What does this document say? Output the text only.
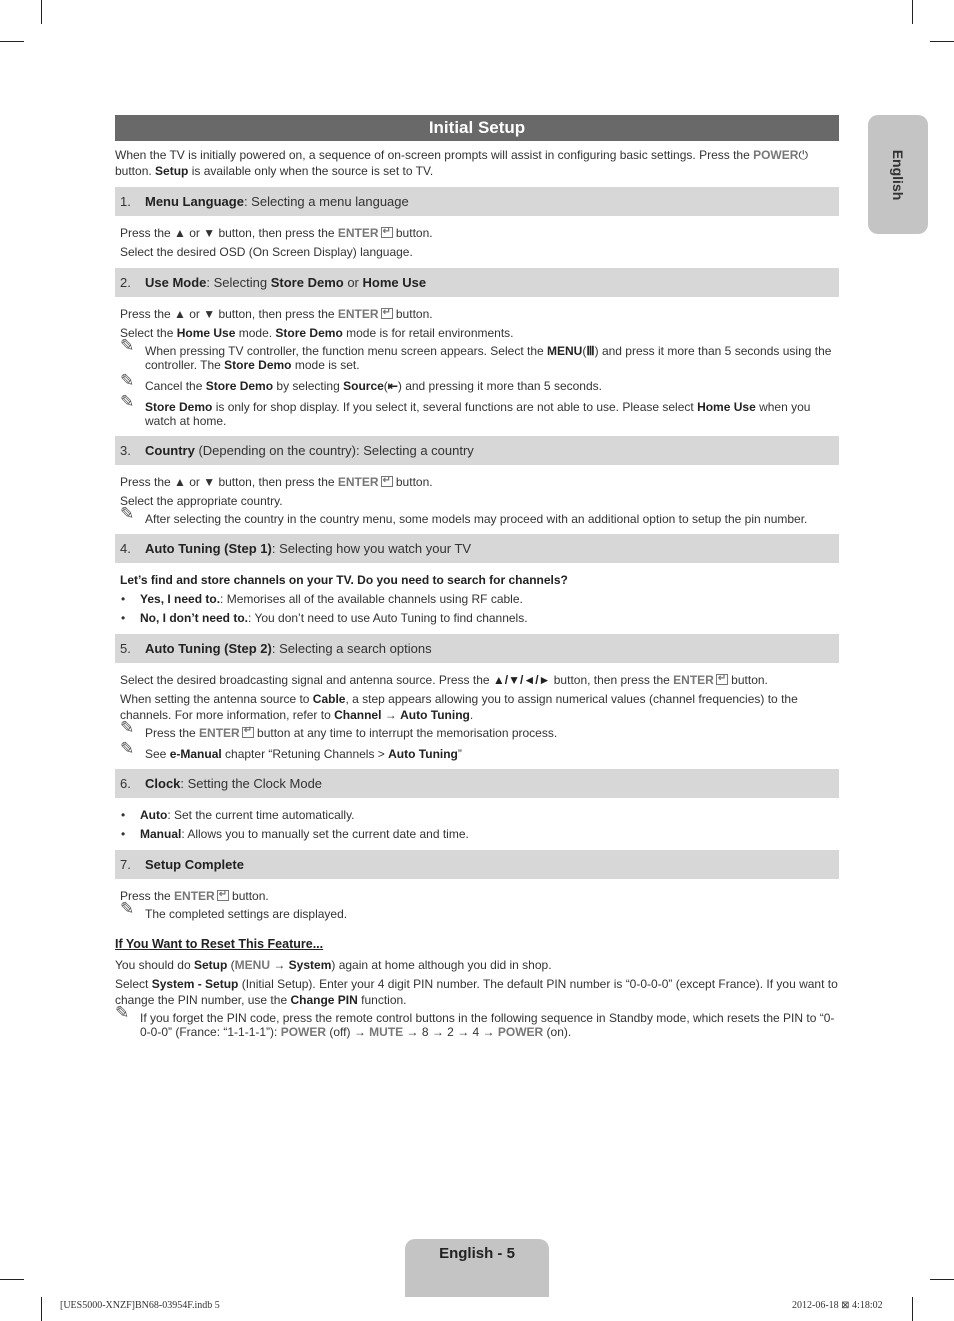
Initial Setup
English
When the TV is initially powered on, a sequence of on-screen prompts will assist in configuring basic settings. Press the POWER⏻
button. Setup is available only when the source is set to TV.
1. Menu Language: Selecting a menu language
Press the ▲ or ▼ button, then press the ENTER↵ button.
Select the desired OSD (On Screen Display) language.
2. Use Mode: Selecting Store Demo or Home Use
Press the ▲ or ▼ button, then press the ENTER↵ button.
Select the Home Use mode. Store Demo mode is for retail environments.
✎ When pressing TV controller, the function menu screen appears. Select the MENU(Ⅲ) and press it more than 5 seconds using the controller. The Store Demo mode is set.
✎ Cancel the Store Demo by selecting Source(⇤) and pressing it more than 5 seconds.
✎ Store Demo is only for shop display. If you select it, several functions are not able to use. Please select Home Use when you watch at home.
3. Country (Depending on the country): Selecting a country
Press the ▲ or ▼ button, then press the ENTER↵ button.
Select the appropriate country.
✎ After selecting the country in the country menu, some models may proceed with an additional option to setup the pin number.
4. Auto Tuning (Step 1): Selecting how you watch your TV
Let’s find and store channels on your TV. Do you need to search for channels?
• Yes, I need to.: Memorises all of the available channels using RF cable.
• No, I don’t need to.: You don’t need to use Auto Tuning to find channels.
5. Auto Tuning (Step 2): Selecting a search options
Select the desired broadcasting signal and antenna source. Press the ▲/▼/◄/► button, then press the ENTER↵ button.
When setting the antenna source to Cable, a step appears allowing you to assign numerical values (channel frequencies) to the channels. For more information, refer to Channel → Auto Tuning.
✎ Press the ENTER↵ button at any time to interrupt the memorisation process.
✎ See e-Manual chapter “Retuning Channels > Auto Tuning”
6. Clock: Setting the Clock Mode
• Auto: Set the current time automatically.
• Manual: Allows you to manually set the current date and time.
7. Setup Complete
Press the ENTER↵ button.
✎ The completed settings are displayed.
If You Want to Reset This Feature...
You should do Setup (MENU → System) again at home although you did in shop.
Select System - Setup (Initial Setup). Enter your 4 digit PIN number. The default PIN number is “0-0-0-0” (except France). If you want to change the PIN number, use the Change PIN function.
✎ If you forget the PIN code, press the remote control buttons in the following sequence in Standby mode, which resets the PIN to “0-0-0-0” (France: “1-1-1-1”): POWER (off) → MUTE → 8 → 2 → 4 → POWER (on).
English - 5
[UES5000-XNZF]BN68-03954F.indb 5	2012-06-18 ⊠ 4:18:02
